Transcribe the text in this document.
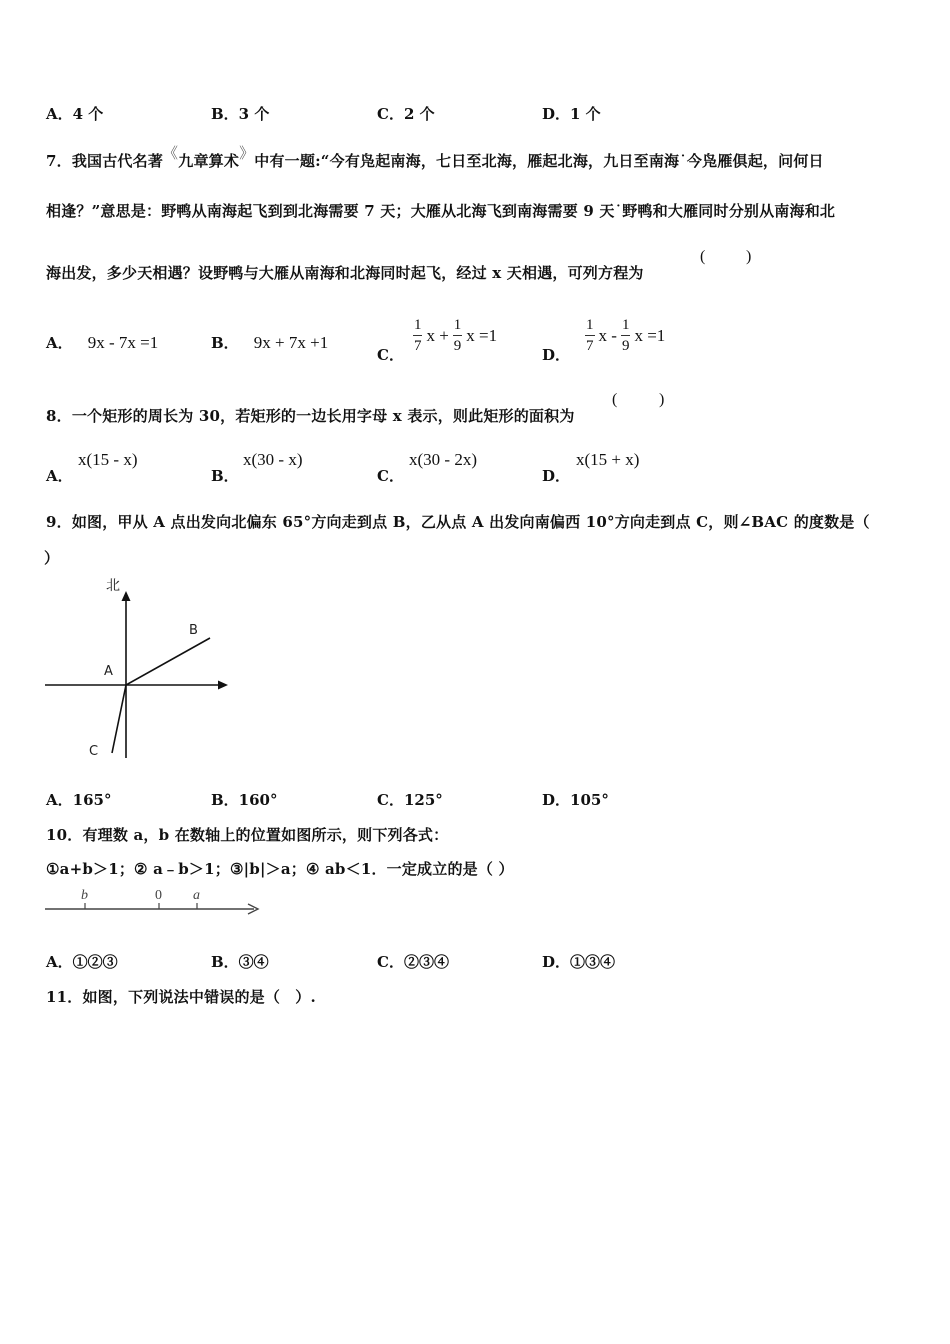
A．4 个	B．3 个	C．2 个	D．1 个
7．我国古代名著《九章算术》中有一题:“今有凫起南海，七日至北海，雁起北海，九日至南海˙今凫雁俱起，问何日
相逢？”意思是：野鸭从南海起飞到到北海需要 7 天；大雁从北海飞到南海需要 9 天˙野鸭和大雁同时分别从南海和北
海出发，多少天相遇？设野鸭与大雁从南海和北海同时起飞，经过 x 天相遇，可列方程为
(	)
A． 9x - 7x =1	B． 9x + 7x +1
C．
$\frac{1}{7}$ $x + \frac{1}{9}$ x =1
D．
$\frac{1}{7}$ x - $\frac{1}{9}$ x =1
8．一个矩形的周长为 30，若矩形的一边长用字母 x 表示，则此矩形的面积为
(	)
A．
x(15 - x)
B．
x(30 - x)
C．
x(30 - 2x)
D．
x(15 + x)
9．如图，甲从 A 点出发向北偏东 65°方向走到点 B，乙从点 A 出发向南偏西 10°方向走到点 C，则∠BAC 的度数是（
）
北
A
B
C
A．165°	B．160°	C．125°	D．105°
10．有理数 a，b 在数轴上的位置如图所示，则下列各式：
①a+b＞1；② a﹣b＞1；③|b|＞a；④ ab＜1．一定成立的是（ ）
b	0 a
A．①②③	B．③④	C．②③④	D．①③④
11．如图，下列说法中错误的是（　）.
